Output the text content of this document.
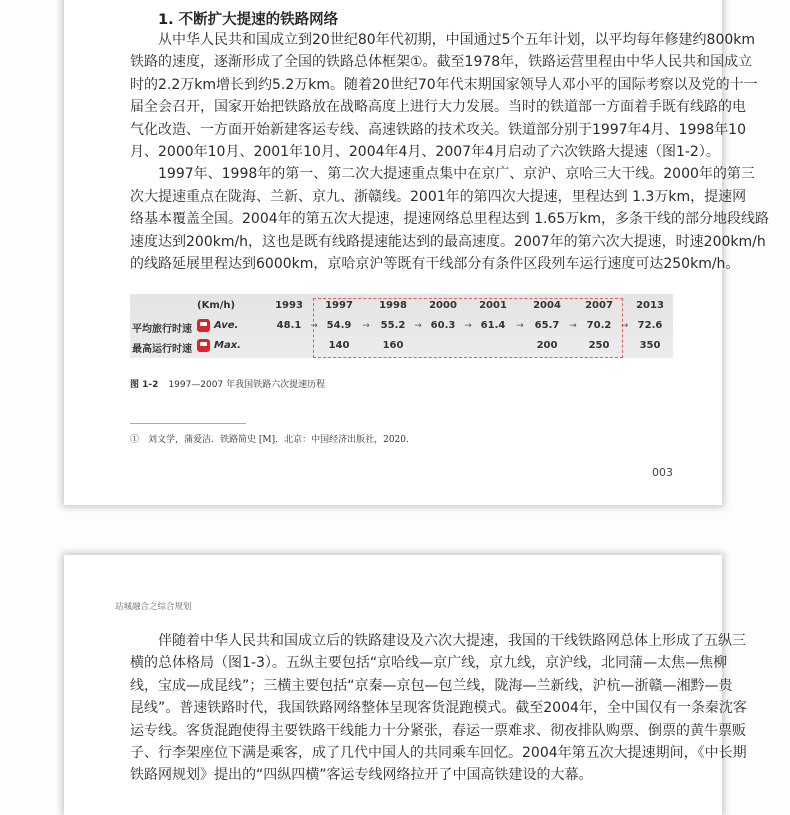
1. 不断扩大提速的铁路网络
　　从中华人民共和国成立到20世纪80年代初期，中国通过5个五年计划，以平均每年修建约800km
铁路的速度，逐渐形成了全国的铁路总体框架①。截至1978年，铁路运营里程由中华人民共和国成立
时的2.2万km增长到约5.2万km。随着20世纪70年代末期国家领导人邓小平的国际考察以及党的十一
届全会召开，国家开始把铁路放在战略高度上进行大力发展。当时的铁道部一方面着手既有线路的电
气化改造、一方面开始新建客运专线、高速铁路的技术攻关。铁道部分别于1997年4月、1998年10
月、2000年10月、2001年10月、2004年4月、2007年4月启动了六次铁路大提速（图1-2）。
　　1997年、1998年的第一、第二次大提速重点集中在京广、京沪、京哈三大干线。2000年的第三
次大提速重点在陇海、兰新、京九、浙赣线。2001年的第四次大提速，里程达到 1.3万km，提速网
络基本覆盖全国。2004年的第五次大提速，提速网络总里程达到 1.65万km，多条干线的部分地段线路
速度达到200km/h，这也是既有线路提速能达到的最高速度。2007年的第六次大提速，时速200km/h
的线路延展里程达到6000km，京哈京沪等既有干线部分有条件区段列车运行速度可达250km/h。
(Km/h)
平均旅行时速 Ave.
最高运行时速 Max.
1993
48.1 →
1997
54.9
140
→
1998
55.2
160
→
2000
60.3 →
2001
61.4 →
2004
65.7
200
→
2007
70.2
250
→
2013
72.6
350
图 1-2 1997—2007 年我国铁路六次提速历程
①　刘文学，蒲爱洁．铁路简史 [M]．北京：中国经济出版社，2020.
003
站城融合之综合规划
　　伴随着中华人民共和国成立后的铁路建设及六次大提速，我国的干线铁路网总体上形成了五纵三
横的总体格局（图1-3）。五纵主要包括“京哈线—京广线，京九线，京沪线，北同蒲—太焦—焦柳
线，宝成—成昆线”；三横主要包括“京秦—京包—包兰线，陇海—兰新线，沪杭—浙赣—湘黔—贵
昆线”。普速铁路时代，我国铁路网络整体呈现客货混跑模式。截至2004年，全中国仅有一条秦沈客
运专线。客货混跑使得主要铁路干线能力十分紧张，春运一票难求、彻夜排队购票、倒票的黄牛票贩
子、行李架座位下满是乘客，成了几代中国人的共同乘车回忆。2004年第五次大提速期间，《中长期
铁路网规划》提出的“四纵四横”客运专线网络拉开了中国高铁建设的大幕。
